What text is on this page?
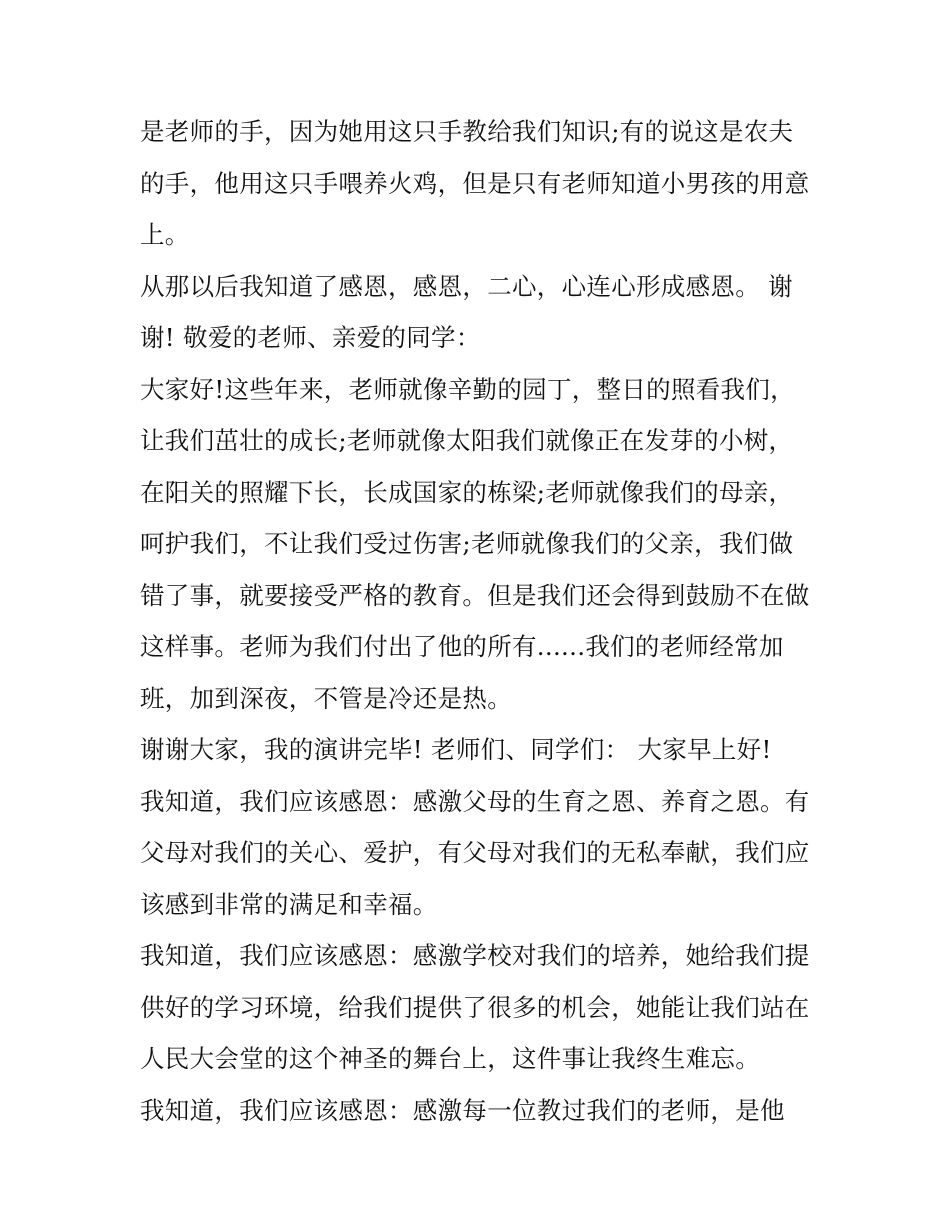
是老师的手，因为她用这只手教给我们知识;有的说这是农夫
的手，他用这只手喂养火鸡，但是只有老师知道小男孩的用意
上。
从那以后我知道了感恩，感恩，二心，心连心形成感恩。 谢
谢! 敬爱的老师、亲爱的同学：
大家好!这些年来，老师就像辛勤的园丁，整日的照看我们，
让我们茁壮的成长;老师就像太阳我们就像正在发芽的小树，
在阳关的照耀下长，长成国家的栋梁;老师就像我们的母亲，
呵护我们，不让我们受过伤害;老师就像我们的父亲，我们做
错了事，就要接受严格的教育。但是我们还会得到鼓励不在做
这样事。老师为我们付出了他的所有......我们的老师经常加
班，加到深夜，不管是冷还是热。
谢谢大家，我的演讲完毕! 老师们、同学们： 大家早上好!
我知道，我们应该感恩：感激父母的生育之恩、养育之恩。有
父母对我们的关心、爱护，有父母对我们的无私奉献，我们应
该感到非常的满足和幸福。
我知道，我们应该感恩：感激学校对我们的培养，她给我们提
供好的学习环境，给我们提供了很多的机会，她能让我们站在
人民大会堂的这个神圣的舞台上，这件事让我终生难忘。
我知道，我们应该感恩：感激每一位教过我们的老师，是他
